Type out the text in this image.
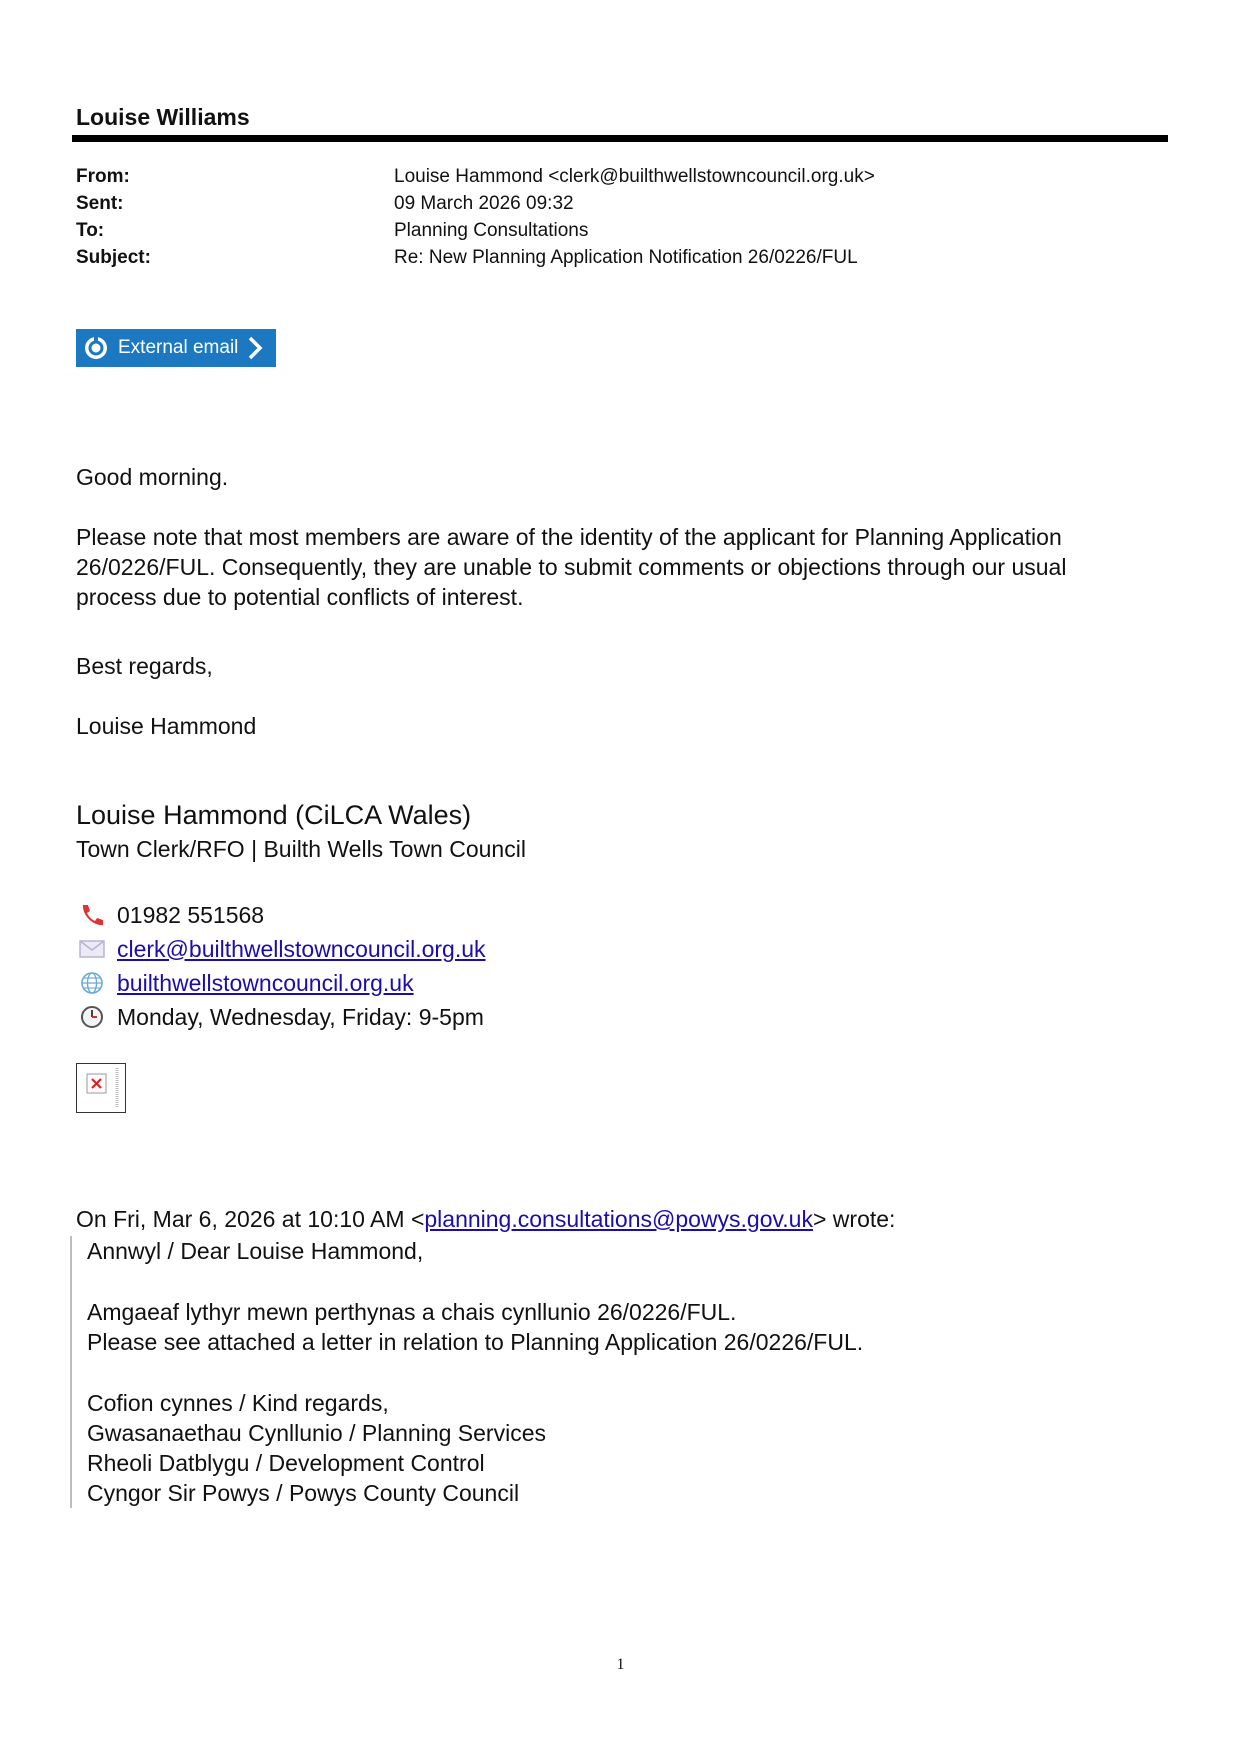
Louise Williams
From:	Louise Hammond <clerk@builthwellstowncouncil.org.uk>
Sent:	09 March 2026 09:32
To:	Planning Consultations
Subject:	Re: New Planning Application Notification 26/0226/FUL
External email

Good morning.

Please note that most members are aware of the identity of the applicant for Planning Application 26/0226/FUL. Consequently, they are unable to submit comments or objections through our usual process due to potential conflicts of interest.

Best regards,

Louise Hammond

Louise Hammond (CiLCA Wales)
Town Clerk/RFO | Builth Wells Town Council
01982 551568
clerk@builthwellstowncouncil.org.uk
builthwellstowncouncil.org.uk
Monday, Wednesday, Friday: 9-5pm
On Fri, Mar 6, 2026 at 10:10 AM <planning.consultations@powys.gov.uk> wrote:

Annwyl / Dear Louise Hammond,

Amgaeaf lythyr mewn perthynas a chais cynllunio 26/0226/FUL.

Please see attached a letter in relation to Planning Application 26/0226/FUL.

Cofion cynnes / Kind regards,

Gwasanaethau Cynllunio / Planning Services

Rheoli Datblygu / Development Control

Cyngor Sir Powys / Powys County Council

1
